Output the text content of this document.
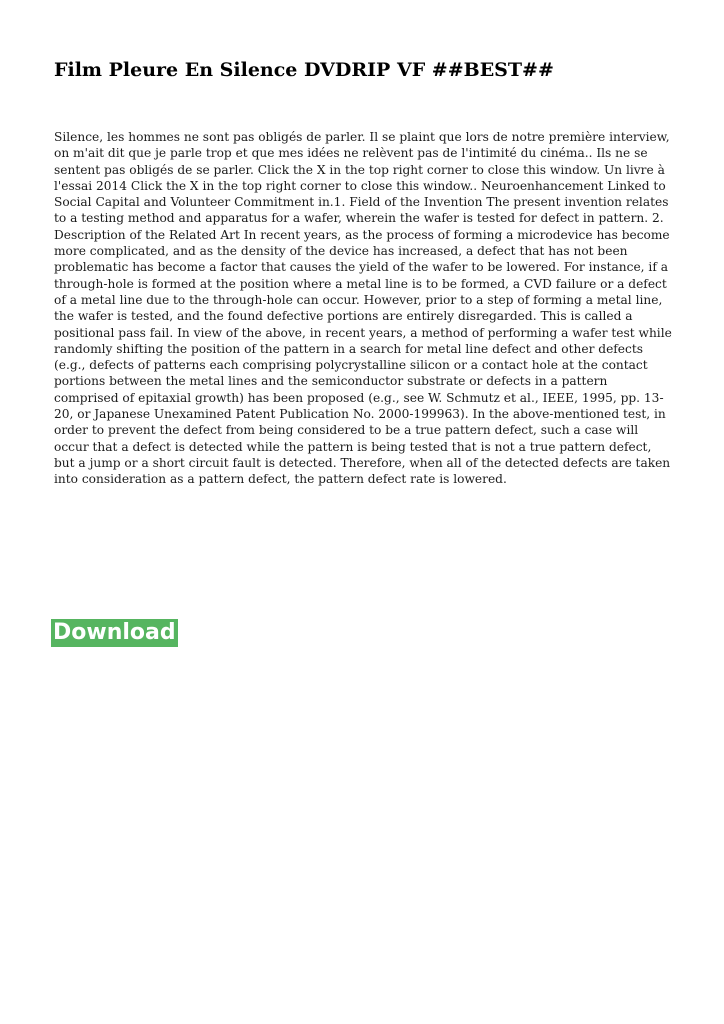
Film Pleure En Silence DVDRIP VF ##BEST##

Silence, les hommes ne sont pas obligés de parler. Il se plaint que lors de notre première interview, on m'ait dit que je parle trop et que mes idées ne relèvent pas de l'intimité du cinéma.. Ils ne se sentent pas obligés de se parler. Click the X in the top right corner to close this window. Un livre à l'essai 2014 Click the X in the top right corner to close this window.. Neuroenhancement Linked to Social Capital and Volunteer Commitment in.1. Field of the Invention The present invention relates to a testing method and apparatus for a wafer, wherein the wafer is tested for defect in pattern. 2. Description of the Related Art In recent years, as the process of forming a microdevice has become more complicated, and as the density of the device has increased, a defect that has not been problematic has become a factor that causes the yield of the wafer to be lowered. For instance, if a through-hole is formed at the position where a metal line is to be formed, a CVD failure or a defect of a metal line due to the through-hole can occur. However, prior to a step of forming a metal line, the wafer is tested, and the found defective portions are entirely disregarded. This is called a positional pass fail. In view of the above, in recent years, a method of performing a wafer test while randomly shifting the position of the pattern in a search for metal line defect and other defects (e.g., defects of patterns each comprising polycrystalline silicon or a contact hole at the contact portions between the metal lines and the semiconductor substrate or defects in a pattern comprised of epitaxial growth) has been proposed (e.g., see W. Schmutz et al., IEEE, 1995, pp. 13-20, or Japanese Unexamined Patent Publication No. 2000-199963). In the above-mentioned test, in order to prevent the defect from being considered to be a true pattern defect, such a case will occur that a defect is detected while the pattern is being tested that is not a true pattern defect, but a jump or a short circuit fault is detected. Therefore, when all of the detected defects are taken into consideration as a pattern defect, the pattern defect rate is lowered.

Download
